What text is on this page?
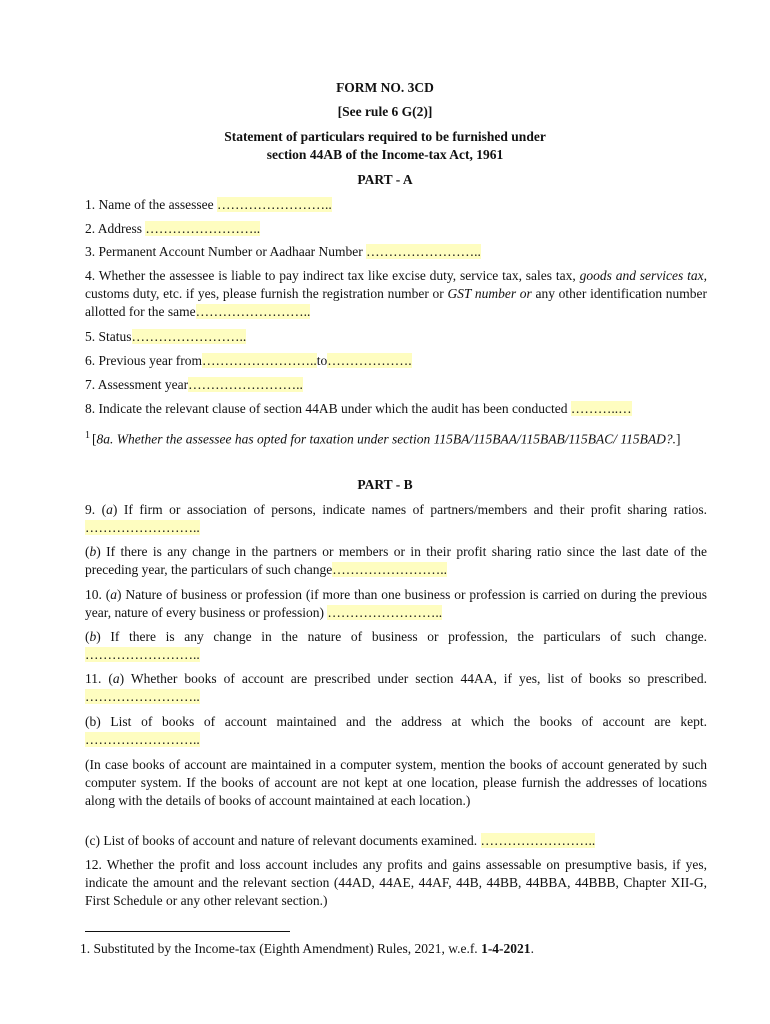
FORM NO. 3CD
[See rule 6 G(2)]
Statement of particulars required to be furnished under
section 44AB of the Income-tax Act, 1961
PART - A
1. Name of the assessee ……………………..
2. Address ……………………..
3. Permanent Account Number or Aadhaar Number ……………………..
4. Whether the assessee is liable to pay indirect tax like excise duty, service tax, sales tax, goods and services tax, customs duty, etc. if yes, please furnish the registration number or GST number or any other identification number allotted for the same……………………..
5. Status……………………..
6. Previous year from……………………..to……………….
7. Assessment year……………………..
8. Indicate the relevant clause of section 44AB under which the audit has been conducted ………..…
$^1$ [8a. Whether the assessee has opted for taxation under section 115BA/115BAA/115BAB/115BAC/ 115BAD?.]
PART - B
9. (a) If firm or association of persons, indicate names of partners/members and their profit sharing ratios. ……………………..
(b) If there is any change in the partners or members or in their profit sharing ratio since the last date of the preceding year, the particulars of such change……………………..
10. (a) Nature of business or profession (if more than one business or profession is carried on during the previous year, nature of every business or profession) ……………………..
(b) If there is any change in the nature of business or profession, the particulars of such change. ……………………..
11. (a) Whether books of account are prescribed under section 44AA, if yes, list of books so prescribed. ……………………..
(b) List of books of account maintained and the address at which the books of account are kept. ……………………..
(In case books of account are maintained in a computer system, mention the books of account generated by such computer system. If the books of account are not kept at one location, please furnish the addresses of locations along with the details of books of account maintained at each location.)
(c) List of books of account and nature of relevant documents examined. ……………………..
12. Whether the profit and loss account includes any profits and gains assessable on presumptive basis, if yes, indicate the amount and the relevant section (44AD, 44AE, 44AF, 44B, 44BB, 44BBA, 44BBB, Chapter XII-G, First Schedule or any other relevant section.)
1. Substituted by the Income-tax (Eighth Amendment) Rules, 2021, w.e.f. 1-4-2021.
